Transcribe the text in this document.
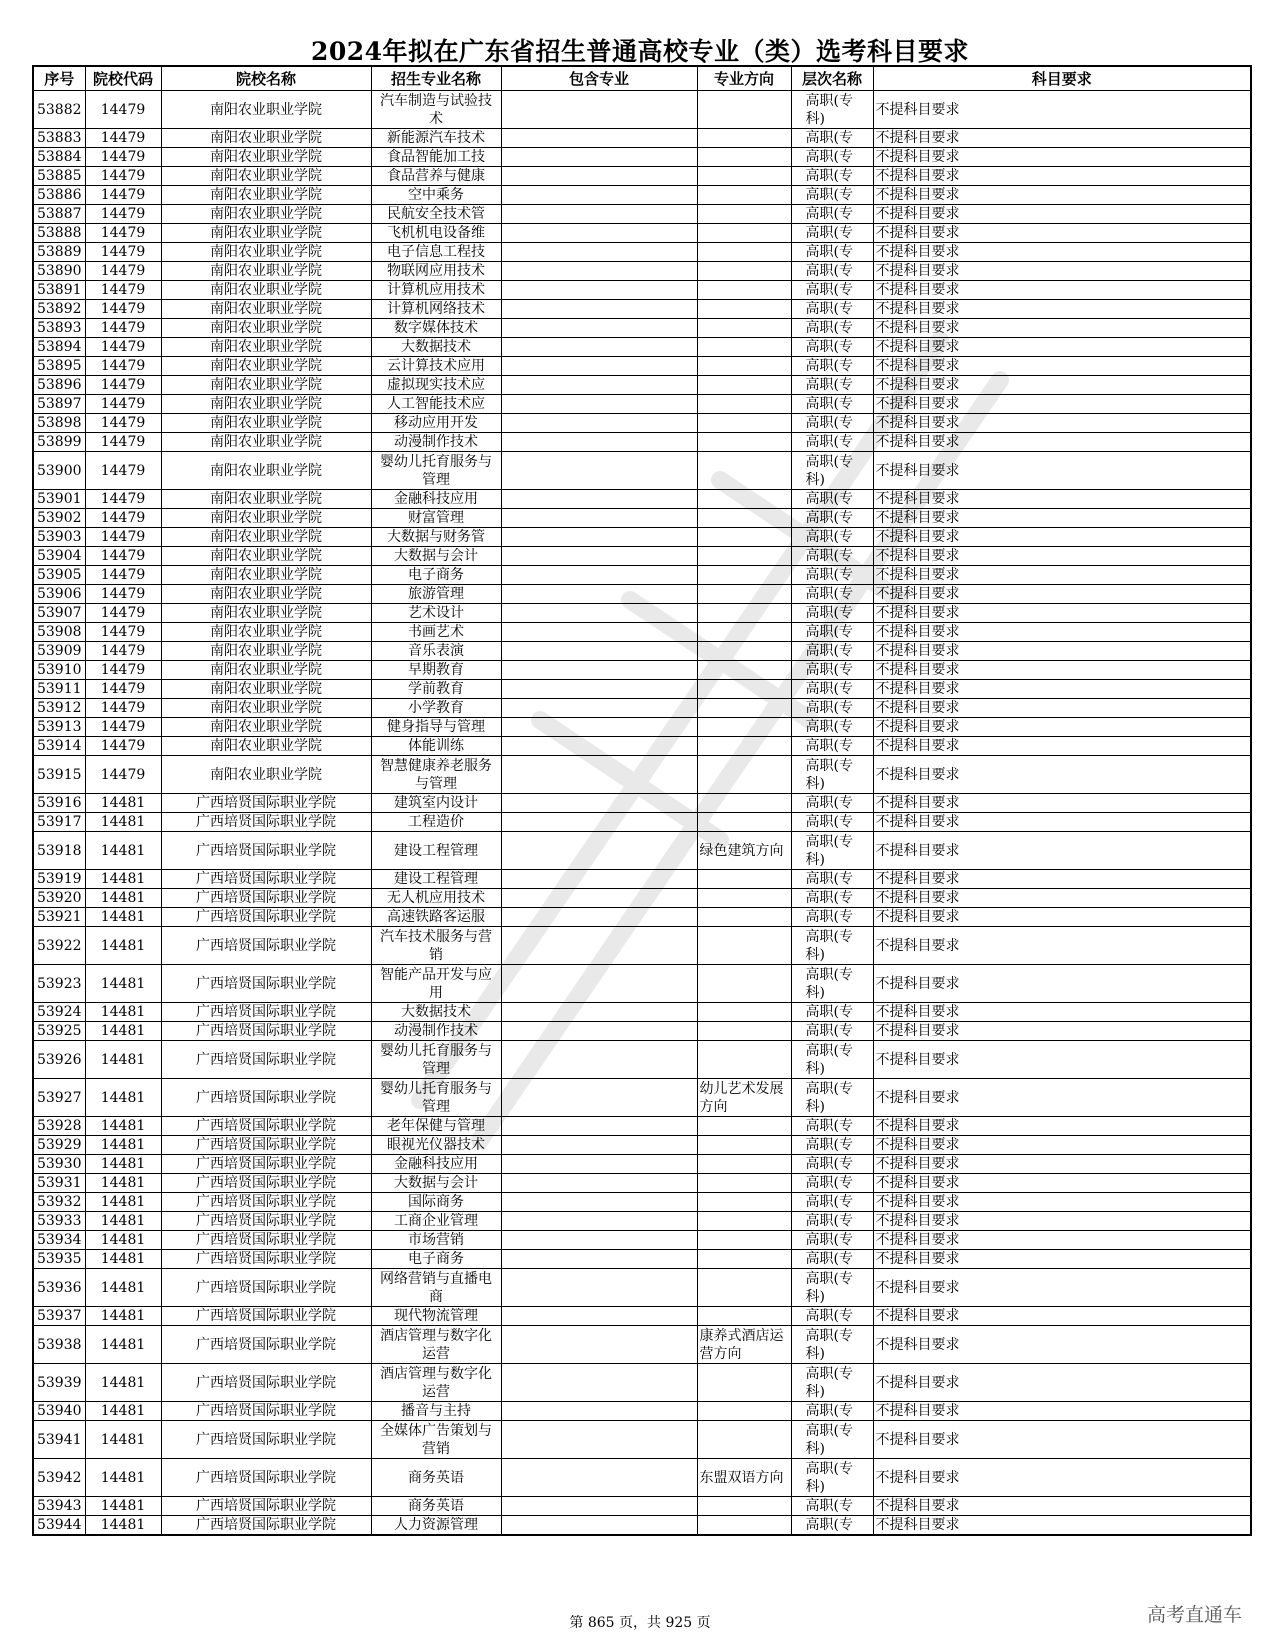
2024年拟在广东省招生普通高校专业（类）选考科目要求
序号	院校代码	院校名称	招生专业名称	包含专业	专业方向	层次名称	科目要求
53882	14479	南阳农业职业学院	汽车制造与试验技术			高职(专科)	不提科目要求
53883	14479	南阳农业职业学院	新能源汽车技术			高职(专	不提科目要求
53884	14479	南阳农业职业学院	食品智能加工技			高职(专	不提科目要求
53885	14479	南阳农业职业学院	食品营养与健康			高职(专	不提科目要求
53886	14479	南阳农业职业学院	空中乘务			高职(专	不提科目要求
53887	14479	南阳农业职业学院	民航安全技术管			高职(专	不提科目要求
53888	14479	南阳农业职业学院	飞机机电设备维			高职(专	不提科目要求
53889	14479	南阳农业职业学院	电子信息工程技			高职(专	不提科目要求
53890	14479	南阳农业职业学院	物联网应用技术			高职(专	不提科目要求
53891	14479	南阳农业职业学院	计算机应用技术			高职(专	不提科目要求
53892	14479	南阳农业职业学院	计算机网络技术			高职(专	不提科目要求
53893	14479	南阳农业职业学院	数字媒体技术			高职(专	不提科目要求
53894	14479	南阳农业职业学院	大数据技术			高职(专	不提科目要求
53895	14479	南阳农业职业学院	云计算技术应用			高职(专	不提科目要求
53896	14479	南阳农业职业学院	虚拟现实技术应			高职(专	不提科目要求
53897	14479	南阳农业职业学院	人工智能技术应			高职(专	不提科目要求
53898	14479	南阳农业职业学院	移动应用开发			高职(专	不提科目要求
53899	14479	南阳农业职业学院	动漫制作技术			高职(专	不提科目要求
53900	14479	南阳农业职业学院	婴幼儿托育服务与管理			高职(专科)	不提科目要求
53901	14479	南阳农业职业学院	金融科技应用			高职(专	不提科目要求
53902	14479	南阳农业职业学院	财富管理			高职(专	不提科目要求
53903	14479	南阳农业职业学院	大数据与财务管			高职(专	不提科目要求
53904	14479	南阳农业职业学院	大数据与会计			高职(专	不提科目要求
53905	14479	南阳农业职业学院	电子商务			高职(专	不提科目要求
53906	14479	南阳农业职业学院	旅游管理			高职(专	不提科目要求
53907	14479	南阳农业职业学院	艺术设计			高职(专	不提科目要求
53908	14479	南阳农业职业学院	书画艺术			高职(专	不提科目要求
53909	14479	南阳农业职业学院	音乐表演			高职(专	不提科目要求
53910	14479	南阳农业职业学院	早期教育			高职(专	不提科目要求
53911	14479	南阳农业职业学院	学前教育			高职(专	不提科目要求
53912	14479	南阳农业职业学院	小学教育			高职(专	不提科目要求
53913	14479	南阳农业职业学院	健身指导与管理			高职(专	不提科目要求
53914	14479	南阳农业职业学院	体能训练			高职(专	不提科目要求
53915	14479	南阳农业职业学院	智慧健康养老服务与管理			高职(专科)	不提科目要求
53916	14481	广西培贤国际职业学院	建筑室内设计			高职(专	不提科目要求
53917	14481	广西培贤国际职业学院	工程造价			高职(专	不提科目要求
53918	14481	广西培贤国际职业学院	建设工程管理		绿色建筑方向	高职(专科)	不提科目要求
53919	14481	广西培贤国际职业学院	建设工程管理			高职(专	不提科目要求
53920	14481	广西培贤国际职业学院	无人机应用技术			高职(专	不提科目要求
53921	14481	广西培贤国际职业学院	高速铁路客运服			高职(专	不提科目要求
53922	14481	广西培贤国际职业学院	汽车技术服务与营销			高职(专科)	不提科目要求
53923	14481	广西培贤国际职业学院	智能产品开发与应用			高职(专科)	不提科目要求
53924	14481	广西培贤国际职业学院	大数据技术			高职(专	不提科目要求
53925	14481	广西培贤国际职业学院	动漫制作技术			高职(专	不提科目要求
53926	14481	广西培贤国际职业学院	婴幼儿托育服务与管理			高职(专科)	不提科目要求
53927	14481	广西培贤国际职业学院	婴幼儿托育服务与管理		幼儿艺术发展方向	高职(专科)	不提科目要求
53928	14481	广西培贤国际职业学院	老年保健与管理			高职(专	不提科目要求
53929	14481	广西培贤国际职业学院	眼视光仪器技术			高职(专	不提科目要求
53930	14481	广西培贤国际职业学院	金融科技应用			高职(专	不提科目要求
53931	14481	广西培贤国际职业学院	大数据与会计			高职(专	不提科目要求
53932	14481	广西培贤国际职业学院	国际商务			高职(专	不提科目要求
53933	14481	广西培贤国际职业学院	工商企业管理			高职(专	不提科目要求
53934	14481	广西培贤国际职业学院	市场营销			高职(专	不提科目要求
53935	14481	广西培贤国际职业学院	电子商务			高职(专	不提科目要求
53936	14481	广西培贤国际职业学院	网络营销与直播电商			高职(专科)	不提科目要求
53937	14481	广西培贤国际职业学院	现代物流管理			高职(专	不提科目要求
53938	14481	广西培贤国际职业学院	酒店管理与数字化运营		康养式酒店运营方向	高职(专科)	不提科目要求
53939	14481	广西培贤国际职业学院	酒店管理与数字化运营			高职(专科)	不提科目要求
53940	14481	广西培贤国际职业学院	播音与主持			高职(专	不提科目要求
53941	14481	广西培贤国际职业学院	全媒体广告策划与营销			高职(专科)	不提科目要求
53942	14481	广西培贤国际职业学院	商务英语		东盟双语方向	高职(专科)	不提科目要求
53943	14481	广西培贤国际职业学院	商务英语			高职(专	不提科目要求
53944	14481	广西培贤国际职业学院	人力资源管理			高职(专	不提科目要求
第 865 页，共 925 页	高考直通车
